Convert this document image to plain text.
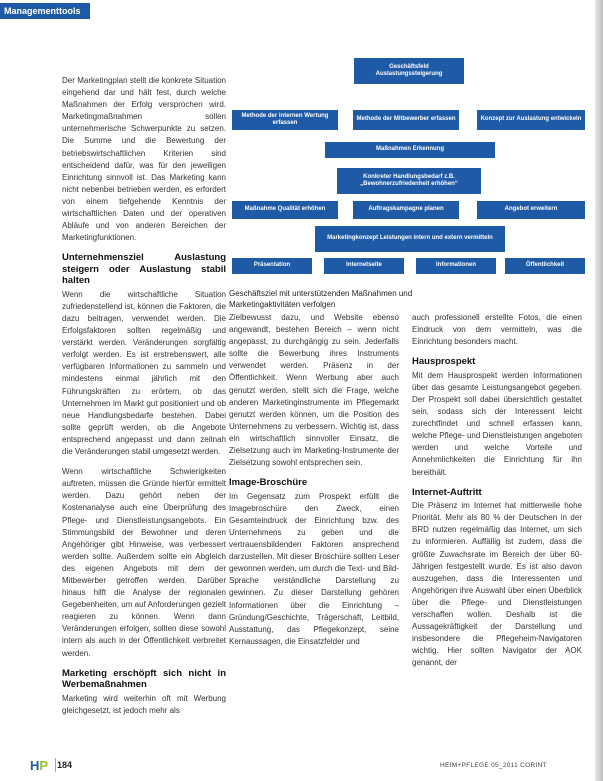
Managementtools

Der Marketingplan stellt die konkrete Situation eingehend dar und hält fest, durch welche Maßnahmen der Erfolg versprochen wird. Marketingmaßnahmen sollen unternehmerische Schwerpunkte zu setzen. Die Summe und die Bewertung der betriebswirtschaftlichen Kriterien sind entscheidend dafür, was für den jeweiligen Einrichtung sinnvoll ist. Das Marketing kann nicht nebenbei betrieben werden, es erfordert von einem tiefgehende Kenntnis der wirtschaftlichen Daten und der operativen Abläufe und von anderen Bereichen der Marketingfunktionen.

Unternehmensziel Auslastung steigern oder Auslastung stabil halten

Wenn die wirtschaftliche Situation zufriedenstellend ist, können die Faktoren, die dazu beitragen, verwendet werden. Die Erfolgsfaktoren sollten regelmäßig und verstärkt werden. Veränderungen sorgfältig verfolgt werden. Es ist erstrebenswert, alle verfügbaren Informationen zu sammeln und mindestens einmal jährlich mit den Führungskräften zu erörtern, ob das Unternehmen im Markt gut positioniert und ob neue Handlungsbedarfe bestehen. Dabei sollte geprüft werden, ob die Angebote entsprechend angepasst und dann zeitnah die Veränderungen stabil umgesetzt werden.

Wenn wirtschaftliche Schwierigkeiten auftreten, müssen die Gründe hierfür ermittelt werden. Dazu gehört neben der Kostenanalyse auch eine Überprüfung des Pflege- und Dienstleistungsangebots. Ein Stimmungsbild der Bewohner und deren Angehöriger gibt Hinweise, was verbessert werden sollte. Außerdem sollte ein Abgleich des eigenen Angebots mit dem der Mitbewerber getroffen werden. Darüber hinaus hilft die Analyse der regionalen Gegebenheiten, um auf Anforderungen gezielt reagieren zu können. Wenn dann Veränderungen erfolgen, sollten diese sowohl intern als auch in der Öffentlichkeit verbreitet werden.

Marketing erschöpft sich nicht in Werbemaßnahmen

Marketing wird weiterhin oft mit Werbung gleichgesetzt, ist jedoch mehr als

Geschäftsfeld Auslastungssteigerung
Methode der internen Wertung erfassen
Methode der Mitbewerber erfassen	Konzept zur Auslastung entwickeln
Maßnahmen Erkennung
Konkreter Handlungsbedarf z.B. „Bewohnerzufriedenheit erhöhen“
Maßnahme Qualität erhöhen	Auftragskampagne planen	Angebot erweitern
Marketingkonzept Leistungen intern und extern vermitteln
Präsentation	Internetseite	Informationen	Öffentlichkeit
Geschäftsziel mit unterstützenden Maßnahmen und Marketingaktivitäten verfolgen

Zielbewusst dazu, und Website ebenso angewandt, bestehen Bereich – wenn nicht angepasst, zu durchgängig zu sein. Jederfalls sollte die Bewerbung ihres Instruments verwendet werden. Präsenz in der Öffentlichkeit. Wenn Werbung aber auch genutzt werden, stellt sich die Frage, welche anderen Marketinginstrumente im Pflegemarkt genutzt werden können, um die Position des Unternehmens zu verbessern. Wichtig ist, dass ein wirtschaftlich sinnvoller Einsatz, die Zielsetzung auch im Marketing-Instrumente der Zielsetzung sowohl entsprechen sein.

Image-Broschüre

Im Gegensatz zum Prospekt erfüllt die Imagebroschüre den Zweck, einen Gesamteindruck der Einrichtung bzw. des Unternehmens zu geben und die vertrauensbildenden Faktoren ansprechend darzustellen. Mit dieser Broschüre sollten Leser gewonnen werden, um durch die Text- und Bild-Sprache verständliche Darstellung zu gewinnen. Zu dieser Darstellung gehören Informationen über die Einrichtung – Gründung/Geschichte, Trägerschaft, Leitbild, Ausstattung, das Pflegekonzept, seine Kernaussagen, die Einsatzfelder und

auch professionell erstellte Fotos, die einen Eindruck von dem vermitteln, was die Einrichtung besonders macht.

Hausprospekt

Mit dem Hausprospekt werden Informationen über das gesamte Leistungsangebot gegeben. Der Prospekt soll dabei übersichtlich gestaltet sein, sodass sich der Interessent leicht zurechtfindet und schnell erfassen kann, welche Pflege- und Dienstleistungen angeboten werden und welche Vorteile und Annehmlichkeiten die Einrichtung für ihn bereithält.

Internet-Auftritt

Die Präsenz im Internet hat mittlerweile hohe Priorität. Mehr als 80 % der Deutschen in der BRD nutzen regelmäßig das Internet, um sich zu informieren. Auffällig ist zudem, dass die größte Zuwachsrate im Bereich der über 60-Jährigen festgestellt wurde. Es ist also davon auszugehen, dass die Interessenten und Angehörigen ihre Auswahl über einen Überblick über die Pflege- und Dienstleistungen verschaffen wollen. Deshalb ist die Aussagekräftigkeit der Darstellung und insbesondere die Pflegeheim-Navigatoren wichtig. Hier sollten Navigator der AOK genannt, der

HP 184	HEIM+PFLEGE 05_2011 CORINT
